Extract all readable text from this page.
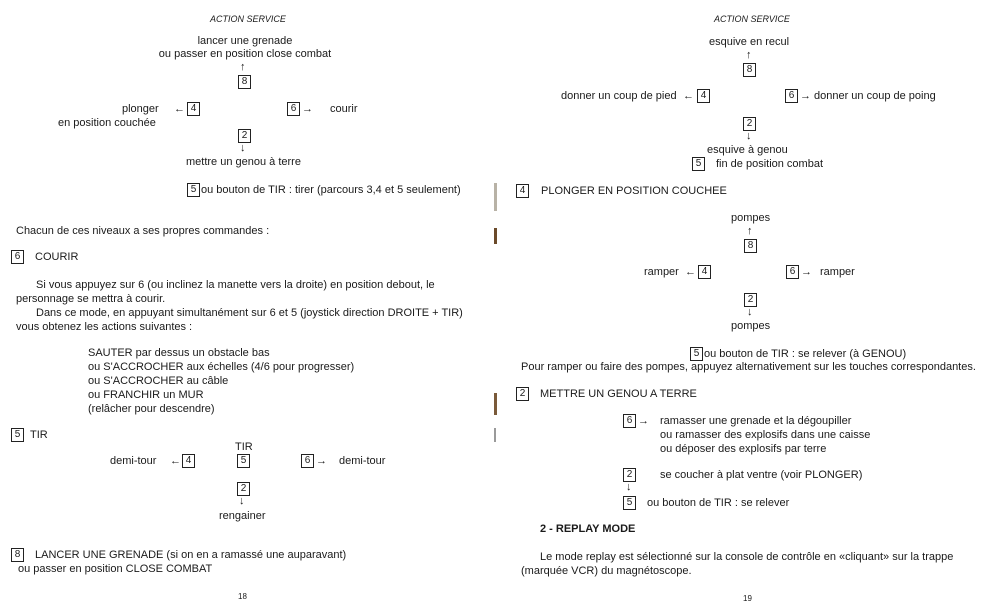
ACTION SERVICE
lancer une grenade
ou passer en position close combat
↑
8
plonger
en position couchée
← 4	6 → courir
2
↓
mettre un genou à terre
5 ou bouton de TIR : tirer (parcours 3,4 et 5 seulement)
Chacun de ces niveaux a ses propres commandes :
6	COURIR
Si vous appuyez sur 6 (ou inclinez la manette vers la droite) en position debout, le
personnage se mettra à courir.
Dans ce mode, en appuyant simultanément sur 6 et 5 (joystick direction DROITE + TIR)
vous obtenez les actions suivantes :
SAUTER par dessus un obstacle bas
ou S'ACCROCHER aux échelles (4/6 pour progresser)
ou S'ACCROCHER au câble
ou FRANCHIR un MUR
(relâcher pour descendre)
5 TIR
TIR
demi-tour ← 4	5	6 → demi-tour
2
↓
rengainer
8	LANCER UNE GRENADE (si on en a ramassé une auparavant)
ou passer en position CLOSE COMBAT
18
ACTION SERVICE
esquive en recul
↑
8
donner un coup de pied ← 4	6 → donner un coup de poing
2
↓
esquive à genou
5	fin de position combat
4	PLONGER EN POSITION COUCHEE
pompes
↑
8
ramper ← 4	6 → ramper
2
↓
pompes
5 ou bouton de TIR : se relever (à GENOU)
Pour ramper ou faire des pompes, appuyez alternativement sur les touches correspondantes.
2	METTRE UN GENOU A TERRE
6 → ramasser une grenade et la dégoupiller
ou ramasser des explosifs dans une caisse
ou déposer des explosifs par terre
2
↓
se coucher à plat ventre (voir PLONGER)
5	ou bouton de TIR : se relever
2 - REPLAY MODE
Le mode replay est sélectionné sur la console de contrôle en «cliquant» sur la trappe
(marquée VCR) du magnétoscope.
19
